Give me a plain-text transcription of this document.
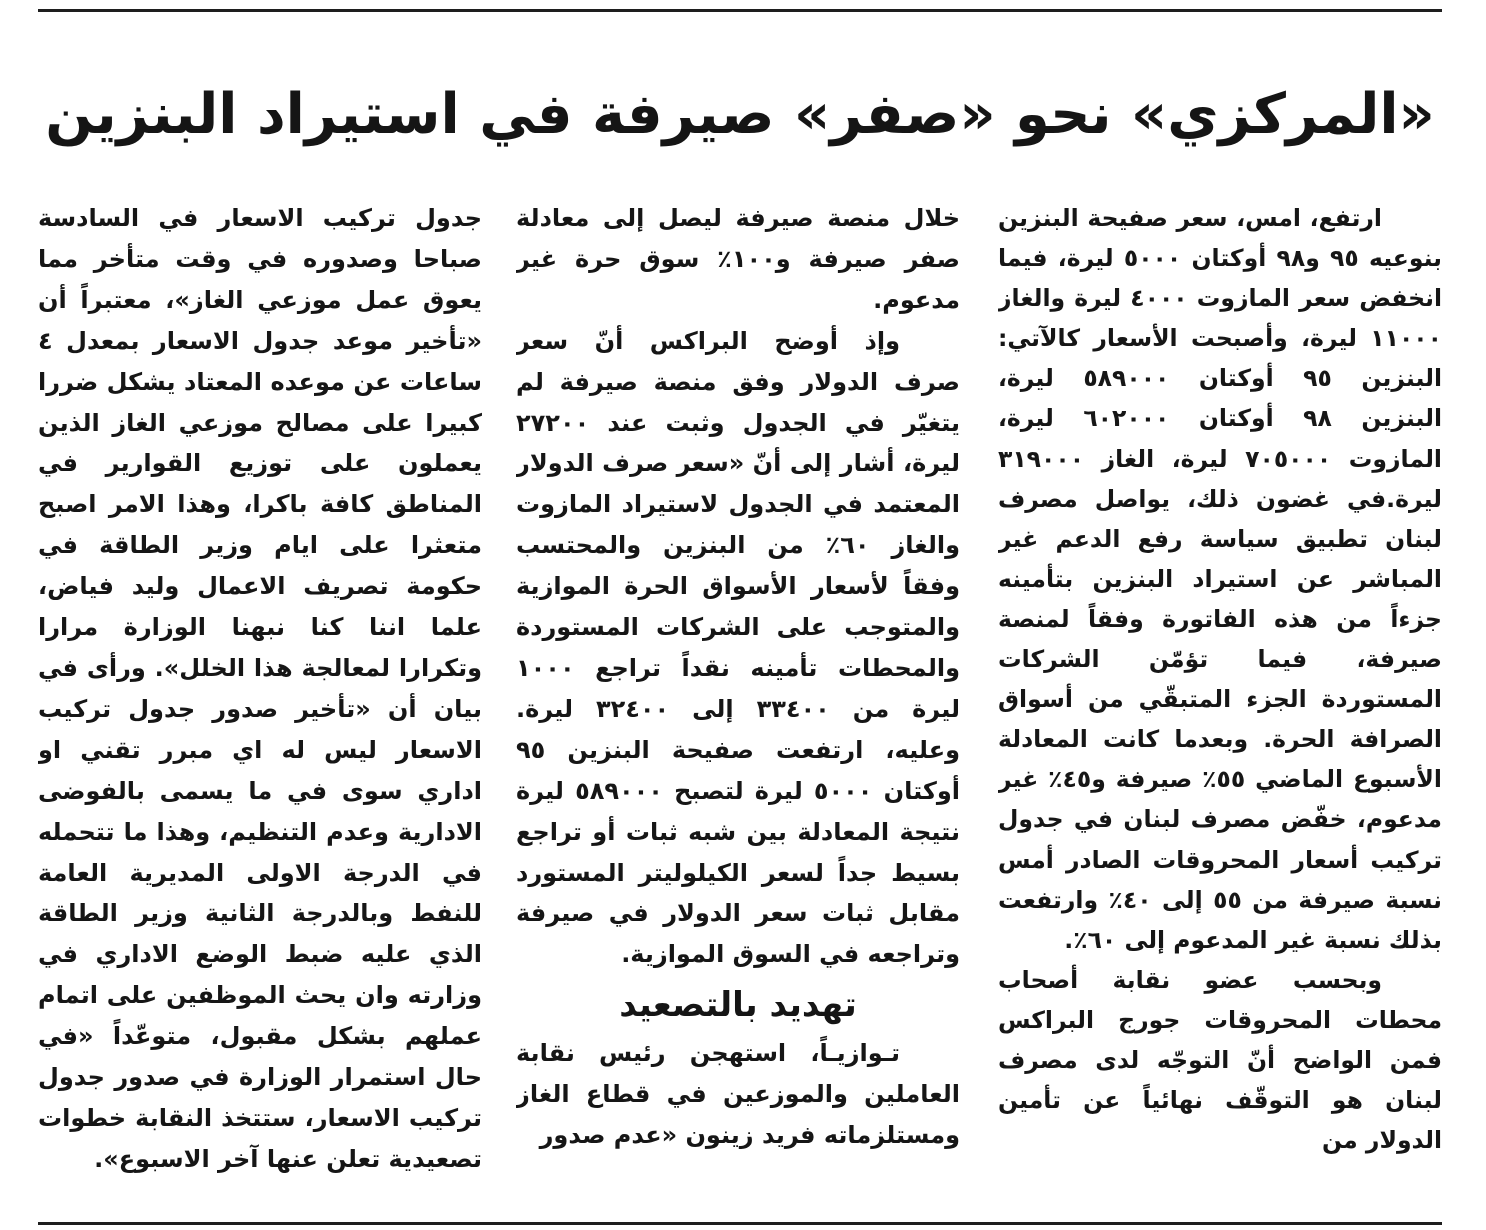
«المركزي» نحو «صفر» صيرفة في استيراد البنزين

ارتفع، امس، سعر صفيحة البنزين بنوعيه ٩٥ و٩٨ أوكتان ٥٠٠٠ ليرة، فيما انخفض سعر المازوت ٤٠٠٠ ليرة والغاز ١١٠٠٠ ليرة، وأصبحت الأسعار كالآتي: البنزين ٩٥ أوكتان ٥٨٩٠٠٠ ليرة، البنزين ٩٨ أوكتان ٦٠٢٠٠٠ ليرة، المازوت ٧٠٥٠٠٠ ليرة، الغاز ٣١٩٠٠٠ ليرة.في غضون ذلك، يواصل مصرف لبنان تطبيق سياسة رفع الدعم غير المباشر عن استيراد البنزين بتأمينه جزءاً من هذه الفاتورة وفقاً لمنصة صيرفة، فيما تؤمّن الشركات المستوردة الجزء المتبقّي من أسواق الصرافة الحرة. وبعدما كانت المعادلة الأسبوع الماضي ٥٥٪ صيرفة و٤٥٪ غير مدعوم، خفّض مصرف لبنان في جدول تركيب أسعار المحروقات الصادر أمس نسبة صيرفة من ٥٥ إلى ٤٠٪ وارتفعت بذلك نسبة غير المدعوم إلى ٦٠٪.

وبحسب عضو نقابة أصحاب محطات المحروقات جورج البراكس فمن الواضح أنّ التوجّه لدى مصرف لبنان هو التوقّف نهائياً عن تأمين الدولار من

خلال منصة صيرفة ليصل إلى معادلة صفر صيرفة و١٠٠٪ سوق حرة غير مدعوم.

وإذ أوضح البراكس أنّ سعر صرف الدولار وفق منصة صيرفة لم يتغيّر في الجدول وثبت عند ٢٧٢٠٠ ليرة، أشار إلى أنّ «سعر صرف الدولار المعتمد في الجدول لاستيراد المازوت والغاز ٦٠٪ من البنزين والمحتسب وفقاً لأسعار الأسواق الحرة الموازية والمتوجب على الشركات المستوردة والمحطات تأمينه نقداً تراجع ١٠٠٠ ليرة من ٣٣٤٠٠ إلى ٣٢٤٠٠ ليرة. وعليه، ارتفعت صفيحة البنزين ٩٥ أوكتان ٥٠٠٠ ليرة لتصبح ٥٨٩٠٠٠ ليرة نتيجة المعادلة بين شبه ثبات أو تراجع بسيط جداً لسعر الكيلوليتر المستورد مقابل ثبات سعر الدولار في صيرفة وتراجعه في السوق الموازية.

تهديد بالتصعيد

تـوازيـاً، استهجن رئيس نقابة العاملين والموزعين في قطاع الغاز ومستلزماته فريد زينون «عدم صدور

جدول تركيب الاسعار في السادسة صباحا وصدوره في وقت متأخر مما يعوق عمل موزعي الغاز»، معتبراً أن «تأخير موعد جدول الاسعار بمعدل ٤ ساعات عن موعده المعتاد يشكل ضررا كبيرا على مصالح موزعي الغاز الذين يعملون على توزيع القوارير في المناطق كافة باكرا، وهذا الامر اصبح متعثرا على ايام وزير الطاقة في حكومة تصريف الاعمال وليد فياض، علما اننا كنا نبهنا الوزارة مرارا وتكرارا لمعالجة هذا الخلل». ورأى في بيان أن «تأخير صدور جدول تركيب الاسعار ليس له اي مبرر تقني او اداري سوى في ما يسمى بالفوضى الادارية وعدم التنظيم، وهذا ما تتحمله في الدرجة الاولى المديرية العامة للنفط وبالدرجة الثانية وزير الطاقة الذي عليه ضبط الوضع الاداري في وزارته وان يحث الموظفين على اتمام عملهم بشكل مقبول، متوعّداً «في حال استمرار الوزارة في صدور جدول تركيب الاسعار، ستتخذ النقابة خطوات تصعيدية تعلن عنها آخر الاسبوع».
